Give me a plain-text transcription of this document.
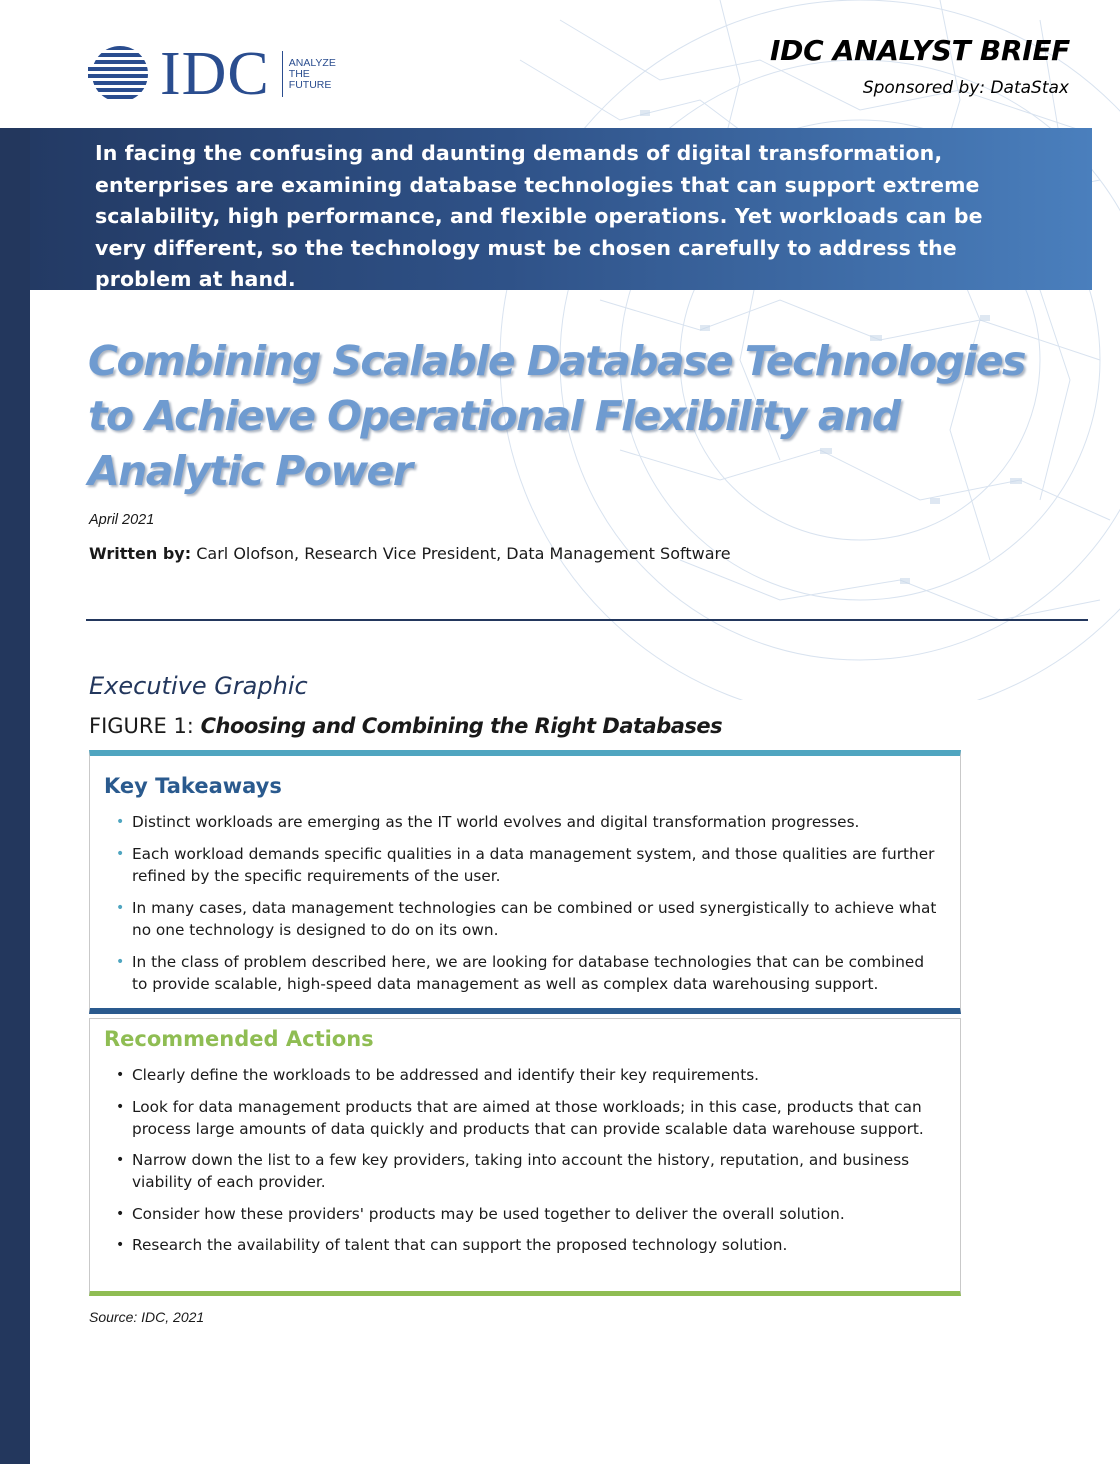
IDC ANALYZE
THE
FUTURE
IDC ANALYST BRIEF
Sponsored by: DataStax
In facing the confusing and daunting demands of digital transformation, enterprises are examining database technologies that can support extreme scalability, high performance, and flexible operations. Yet workloads can be very different, so the technology must be chosen carefully to address the problem at hand.
Combining Scalable Database Technologies to Achieve Operational Flexibility and Analytic Power
April 2021
Written by: Carl Olofson, Research Vice President, Data Management Software
Executive Graphic
FIGURE 1: Choosing and Combining the Right Databases
Key Takeaways
• Distinct workloads are emerging as the IT world evolves and digital transformation progresses.
• Each workload demands specific qualities in a data management system, and those qualities are further refined by the specific requirements of the user.
• In many cases, data management technologies can be combined or used synergistically to achieve what no one technology is designed to do on its own.
• In the class of problem described here, we are looking for database technologies that can be combined to provide scalable, high-speed data management as well as complex data warehousing support.
Recommended Actions
• Clearly define the workloads to be addressed and identify their key requirements.
• Look for data management products that are aimed at those workloads; in this case, products that can process large amounts of data quickly and products that can provide scalable data warehouse support.
• Narrow down the list to a few key providers, taking into account the history, reputation, and business viability of each provider.
• Consider how these providers' products may be used together to deliver the overall solution.
• Research the availability of talent that can support the proposed technology solution.
Source: IDC, 2021
